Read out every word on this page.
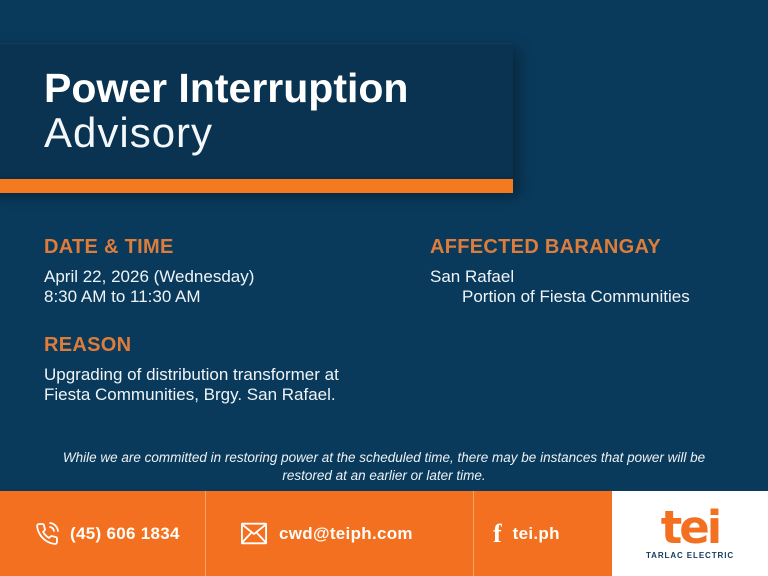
Power Interruption
Advisory
DATE & TIME
April 22, 2026 (Wednesday)
8:30 AM to 11:30 AM
AFFECTED BARANGAY
San Rafael
Portion of Fiesta Communities
REASON
Upgrading of distribution transformer at
Fiesta Communities, Brgy. San Rafael.
While we are committed in restoring power at the scheduled time, there may be instances that power will be
restored at an earlier or later time.
(45) 606 1834	cwd@teiph.com	f tei.ph tei
TARLAC ELECTRIC
